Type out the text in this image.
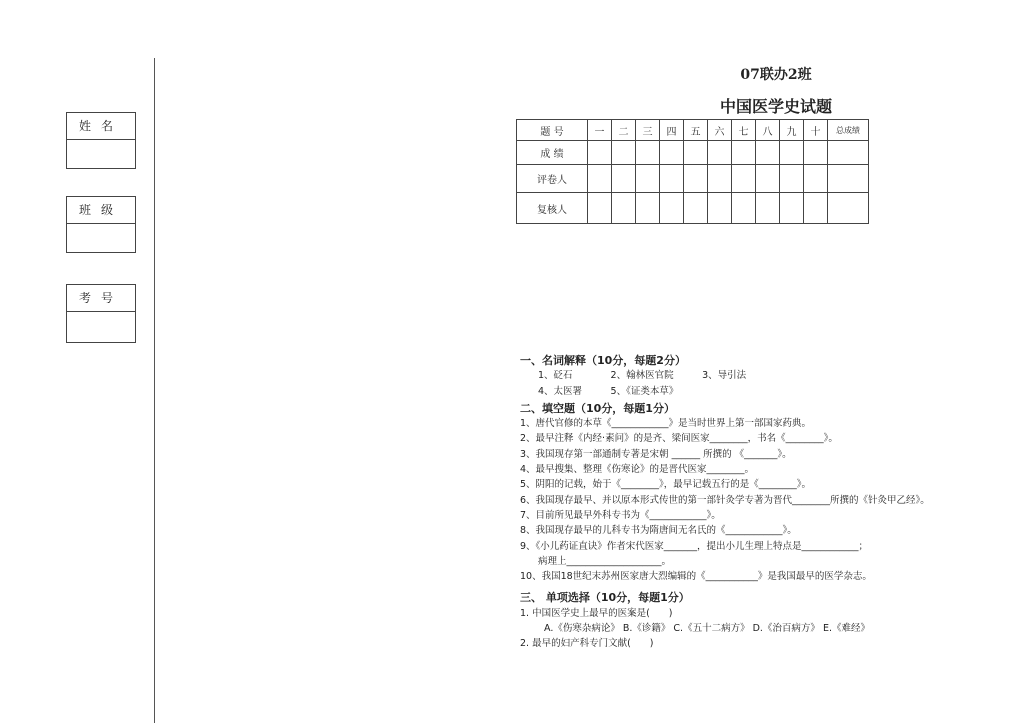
姓名
班级
考号
07联办2班
中国医学史试题
题 号	一	二	三	四	五	六	七	八	九	十	总成绩
成 绩											
评卷人											
复核人											
一、名词解释（10分，每题2分）
1、砭石　　　　2、翰林医官院　　　3、导引法
4、太医署　　　5、《证类本草》
二、填空题（10分，每题1分）
1、唐代官修的本草《____________》是当时世界上第一部国家药典。
2、最早注释《内经·素问》的是齐、梁间医家________，书名《________》。
3、我国现存第一部通制专著是宋朝 ______ 所撰的 《_______》。
4、最早搜集、整理《伤寒论》的是晋代医家________。
5、阴阳的记载，始于《________》，最早记载五行的是《________》。
6、我国现存最早、并以原本形式传世的第一部针灸学专著为晋代________所撰的《针灸甲乙经》。
7、目前所见最早外科专书为《____________》。
8、我国现存最早的儿科专书为隋唐间无名氏的《____________》。
9、《小儿药证直诀》作者宋代医家_______，提出小儿生理上特点是____________；
病理上____________________。
10、我国18世纪末苏州医家唐大烈编辑的《___________》是我国最早的医学杂志。
三、 单项选择（10分，每题1分）
1. 中国医学史上最早的医案是(　　)
A.《伤寒杂病论》 B.《诊籍》 C.《五十二病方》 D.《治百病方》 E.《难经》
2. 最早的妇产科专门文献(　　)
